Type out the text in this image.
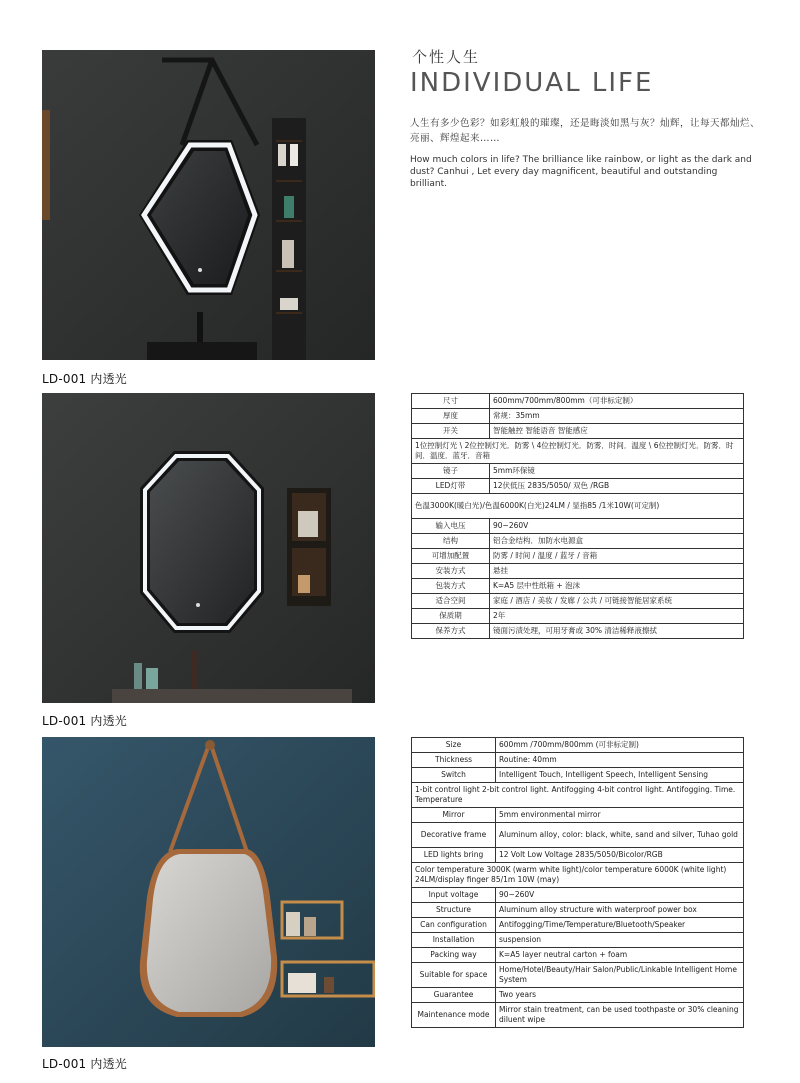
LD-001 内透光
个性人生
INDIVIDUAL LIFE
人生有多少色彩？如彩虹般的璀璨，还是晦淡如黑与灰？灿辉，让每天都灿烂、亮丽、辉煌起来……
How much colors in life? The brilliance like rainbow, or light as the dark and dust? Canhui , Let every day magnificent, beautiful and outstanding brilliant.
LD-001 内透光
尺寸	600mm/700mm/800mm（可非标定制）
厚度	常规：35mm
开关	智能触控 智能语音 智能感应
1位控制灯光 \ 2位控制灯光．防雾 \ 4位控制灯光．防雾．时间．温度 \ 6位控制灯光．防雾．时间．温度．蓝牙．音箱	
镜子	5mm环保镜
LED灯带	12伏低压 2835/5050/ 双色 /RGB
色温3000K(暖白光)/色温6000K(白光)24LM / 显指85 /1米10W(可定制)	
输入电压	90~260V
结构	铝合金结构．加防水电源盒
可增加配置	防雾 / 时间 / 温度 / 蓝牙 / 音箱
安装方式	悬挂
包装方式	K=A5 层中性纸箱 + 泡沫
适合空间	家庭 / 酒店 / 美妆 / 发廊 / 公共 / 可链接智能居家系统
保质期	2年
保养方式	镜面污渍处理，可用牙膏或 30% 清洁稀释液擦拭
LD-001 内透光
Size	600mm /700mm/800mm (可非标定制)
Thickness	Routine: 40mm
Switch	Intelligent Touch, Intelligent Speech, Intelligent Sensing
1-bit control light 2-bit control light. Antifogging 4-bit control light. Antifogging. Time. Temperature	
Mirror	5mm environmental mirror
Decorative frame	Aluminum alloy, color: black, white, sand and silver, Tuhao gold
LED lights bring	12 Volt Low Voltage 2835/5050/Bicolor/RGB
Color temperature 3000K (warm white light)/color temperature 6000K (white light) 24LM/display finger 85/1m 10W (may)	
Input voltage	90~260V
Structure	Aluminum alloy structure with waterproof power box
Can configuration	Antifogging/Time/Temperature/Bluetooth/Speaker
Installation	suspension
Packing way	K=A5 layer neutral carton + foam
Suitable for space	Home/Hotel/Beauty/Hair Salon/Public/Linkable Intelligent Home System
Guarantee	Two years
Maintenance mode	Mirror stain treatment, can be used toothpaste or 30% cleaning diluent wipe
